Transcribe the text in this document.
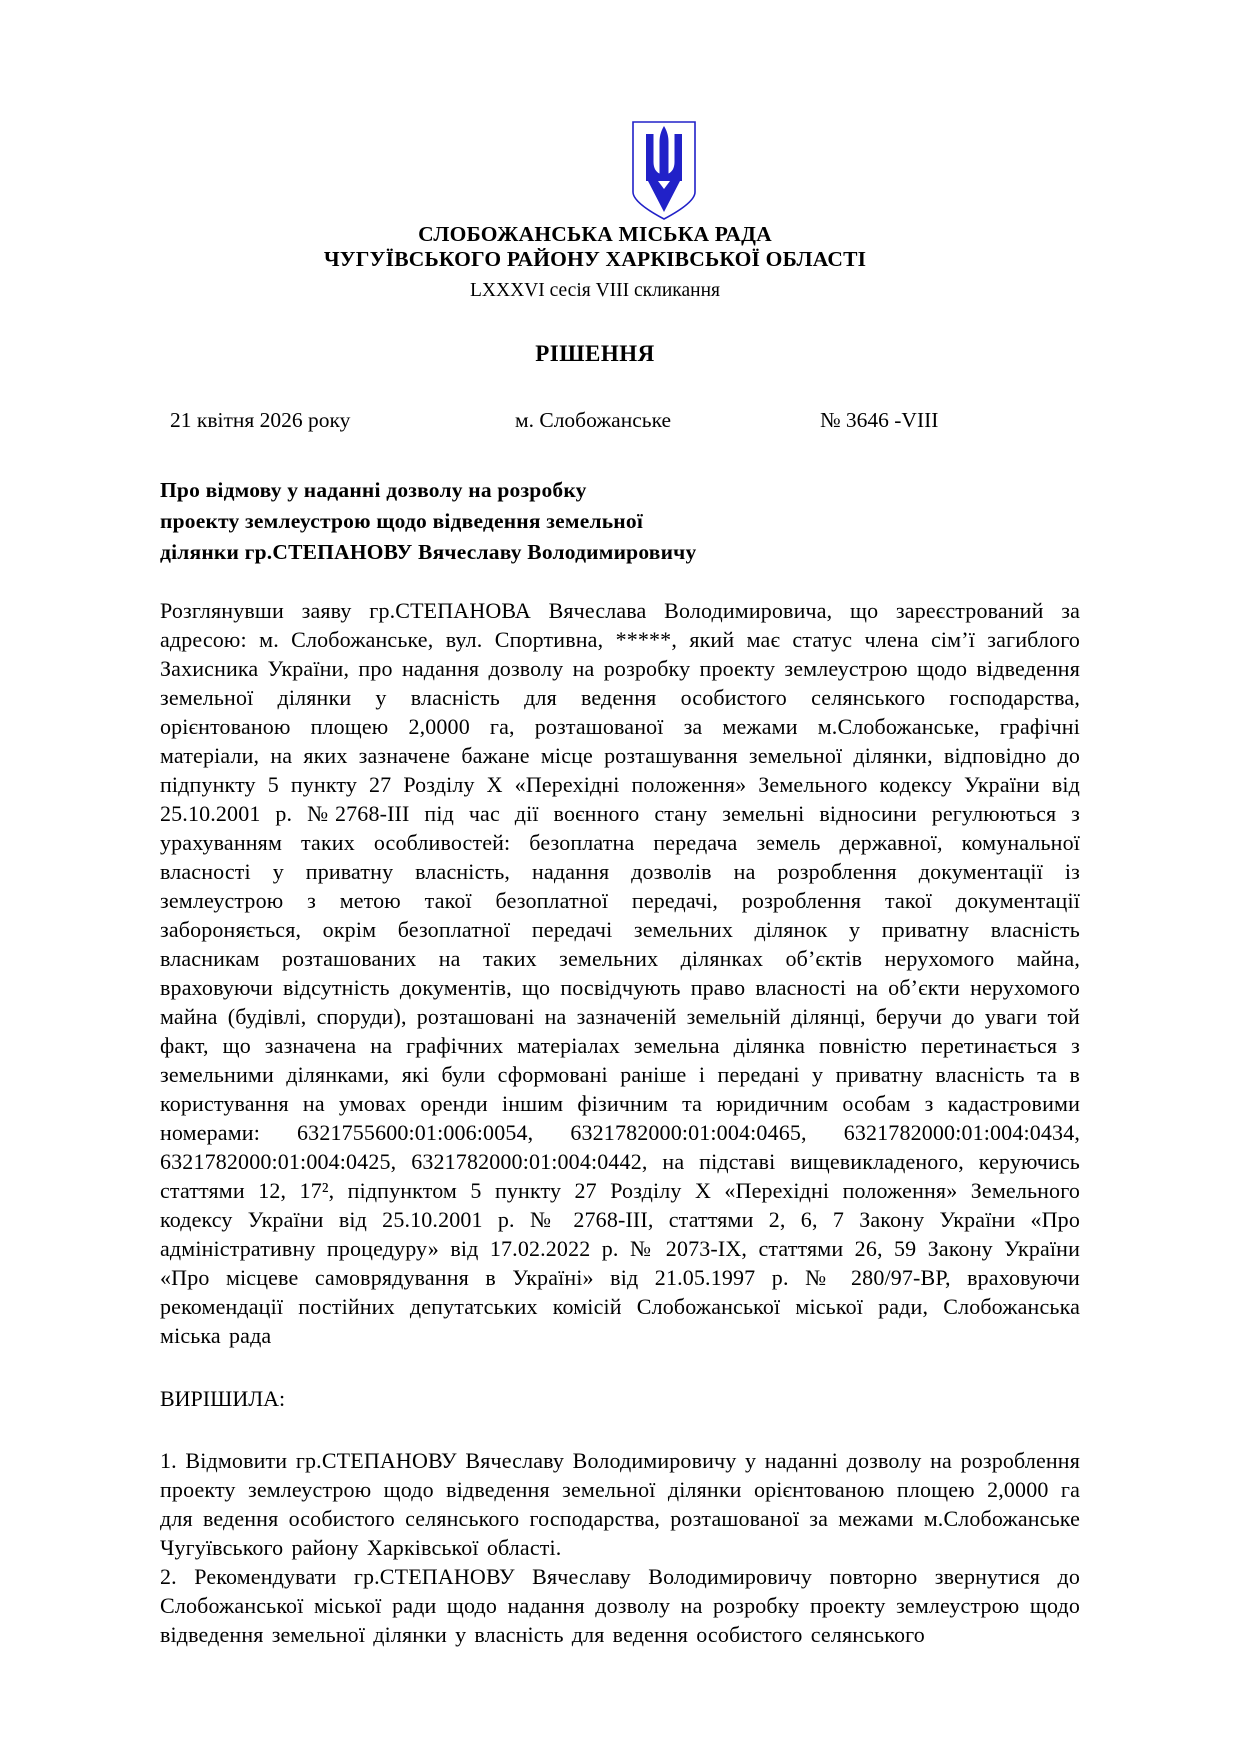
СЛОБОЖАНСЬКА МІСЬКА РАДА
ЧУГУЇВСЬКОГО РАЙОНУ ХАРКІВСЬКОЇ ОБЛАСТІ
LXXXVI сесія VIII скликання
РІШЕННЯ
21 квітня 2026 року	м. Слобожанське	№ 3646 -VIII
Про відмову у наданні дозволу на розробку
проекту землеустрою щодо відведення земельної
ділянки гр.СТЕПАНОВУ Вячеславу Володимировичу

Розглянувши заяву гр.СТЕПАНОВА Вячеслава Володимировича, що зареєстрований за адресою: м. Слобожанське, вул. Спортивна, *****, який має статус члена сім’ї загиблого Захисника України, про надання дозволу на розробку проекту землеустрою щодо відведення земельної ділянки у власність для ведення особистого селянського господарства, орієнтованою площею 2,0000 га, розташованої за межами м.Слобожанське, графічні матеріали, на яких зазначене бажане місце розташування земельної ділянки, відповідно до підпункту 5 пункту 27 Розділу X «Перехідні положення» Земельного кодексу України від 25.10.2001 р. №2768-ІІІ під час дії воєнного стану земельні відносини регулюються з урахуванням таких особливостей: безоплатна передача земель державної, комунальної власності у приватну власність, надання дозволів на розроблення документації із землеустрою з метою такої безоплатної передачі, розроблення такої документації забороняється, окрім безоплатної передачі земельних ділянок у приватну власність власникам розташованих на таких земельних ділянках об’єктів нерухомого майна, враховуючи відсутність документів, що посвідчують право власності на об’єкти нерухомого майна (будівлі, споруди), розташовані на зазначеній земельній ділянці, беручи до уваги той факт, що зазначена на графічних матеріалах земельна ділянка повністю перетинається з земельними ділянками, які були сформовані раніше і передані у приватну власність та в користування на умовах оренди іншим фізичним та юридичним особам з кадастровими номерами: 6321755600:01:006:0054, 6321782000:01:004:0465, 6321782000:01:004:0434, 6321782000:01:004:0425, 6321782000:01:004:0442, на підставі вищевикладеного, керуючись статтями 12, 17², підпунктом 5 пункту 27 Розділу X «Перехідні положення» Земельного кодексу України від 25.10.2001 р. № 2768-ІІІ, статтями 2, 6, 7 Закону України «Про адміністративну процедуру» від 17.02.2022 р. № 2073-ІХ, статтями 26, 59 Закону України «Про місцеве самоврядування в Україні» від 21.05.1997 р. № 280/97-ВР, враховуючи рекомендації постійних депутатських комісій Слобожанської міської ради, Слобожанська міська рада

ВИРІШИЛА:

1. Відмовити гр.СТЕПАНОВУ Вячеславу Володимировичу у наданні дозволу на розроблення проекту землеустрою щодо відведення земельної ділянки орієнтованою площею 2,0000 га для ведення особистого селянського господарства, розташованої за межами м.Слобожанське Чугуївського району Харківської області.

2. Рекомендувати гр.СТЕПАНОВУ Вячеславу Володимировичу повторно звернутися до Слобожанської міської ради щодо надання дозволу на розробку проекту землеустрою щодо відведення земельної ділянки у власність для ведення особистого селянського
